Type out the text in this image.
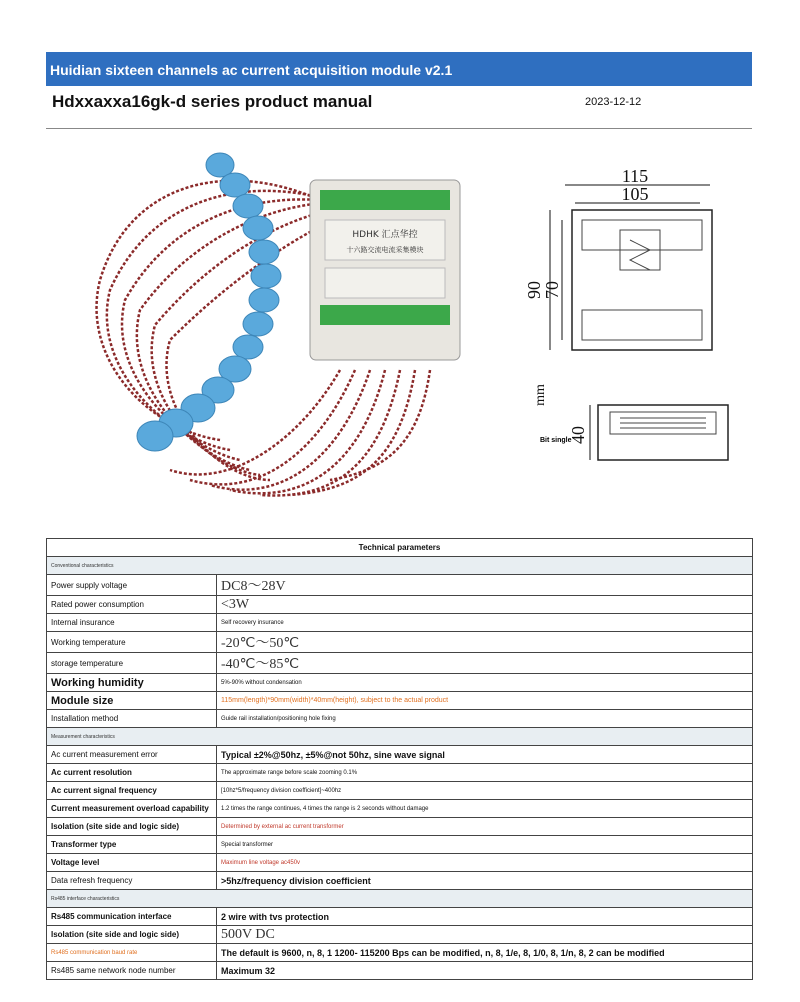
Huidian sixteen channels ac current acquisition module v2.1
Hdxxaxxa16gk-d series product manual	2023-12-12
HDHK 汇点华控
十六路交流电流采集模块
115
105
90
70
mm
40
Bit single
Technical parameters	
Conventional characteristics	
Power supply voltage	DC8～28V
Rated power consumption	<3W
Internal insurance	Self recovery insurance
Working temperature	-20℃～50℃
storage temperature	-40℃～85℃
Working humidity	5%-90% without condensation
Module size	115mm(length)*90mm(width)*40mm(height), subject to the actual product
Installation method	Guide rail installation/positioning hole fixing
Measurement characteristics	
Ac current measurement error	Typical ±2%@50hz, ±5%@not 50hz, sine wave signal
Ac current resolution	The approximate range before scale zooming 0.1%
Ac current signal frequency	[10hz*5/frequency division coefficient]~400hz
Current measurement overload capability	1.2 times the range continues, 4 times the range is 2 seconds without damage
Isolation (site side and logic side)	Determined by external ac current transformer
Transformer type	Special transformer
Voltage level	Maximum line voltage ac450v
Data refresh frequency	>5hz/frequency division coefficient
Rs485 interface characteristics	
Rs485 communication interface	2 wire with tvs protection
Isolation (site side and logic side)	500V DC
Rs485 communication baud rate	The default is 9600, n, 8, 1 1200- 115200 Bps can be modified, n, 8, 1/e, 8, 1/0, 8, 1/n, 8, 2 can be modified
Rs485 same network node number	Maximum 32
